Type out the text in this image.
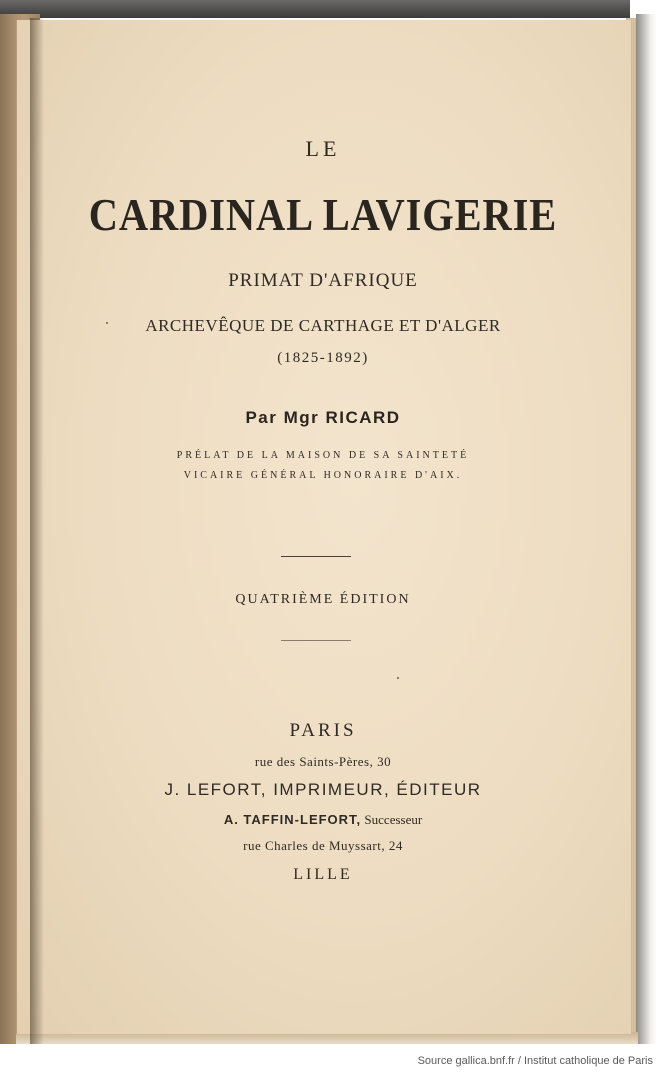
LE
CARDINAL LAVIGERIE
PRIMAT D'AFRIQUE
ARCHEVÊQUE DE CARTHAGE ET D'ALGER
(1825-1892)
Par Mgr RICARD
PRÉLAT DE LA MAISON DE SA SAINTETÉ
VICAIRE GÉNÉRAL HONORAIRE D'AIX.
QUATRIÈME ÉDITION
PARIS
rue des Saints-Pères, 30
J. LEFORT, IMPRIMEUR, ÉDITEUR
A. TAFFIN-LEFORT, Successeur
rue Charles de Muyssart, 24
LILLE
Source gallica.bnf.fr / Institut catholique de Paris
